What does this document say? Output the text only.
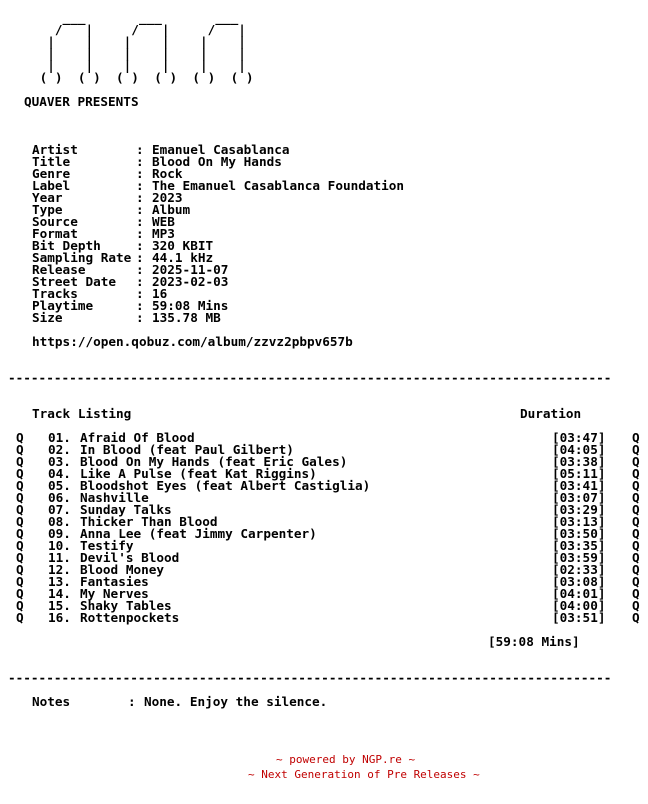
___       ___       ___
/   |     /   |     /   |
|    |    |    |    |    |
|    |    |    |    |    |
|    |    |    |    |    |
( )  ( )  ( )  ( )  ( )  ( )
QUAVER PRESENTS
Artist	: Emanuel Casablanca
Title	: Blood On My Hands
Genre	: Rock
Label	: The Emanuel Casablanca Foundation
Year	: 2023
Type	: Album
Source	: WEB
Format	: MP3
Bit Depth	: 320 KBIT
Sampling Rate : 44.1 kHz
Release	: 2025-11-07
Street Date : 2023-02-03
Tracks	: 16
Playtime	: 59:08 Mins
Size	: 135.78 MB
https://open.qobuz.com/album/zzvz2pbpv657b
-------------------------------------------------------------------------------
Track Listing	Duration
Q 01. Afraid Of Blood	[03:47] Q
Q 02. In Blood (feat Paul Gilbert)	[04:05] Q
Q 03. Blood On My Hands (feat Eric Gales)	[03:38] Q
Q 04. Like A Pulse (feat Kat Riggins)	[05:11] Q
Q 05. Bloodshot Eyes (feat Albert Castiglia)	[03:41] Q
Q 06. Nashville	[03:07] Q
Q 07. Sunday Talks	[03:29] Q
Q 08. Thicker Than Blood	[03:13] Q
Q 09. Anna Lee (feat Jimmy Carpenter)	[03:50] Q
Q 10. Testify	[03:35] Q
Q 11. Devil's Blood	[03:59] Q
Q 12. Blood Money	[02:33] Q
Q 13. Fantasies	[03:08] Q
Q 14. My Nerves	[04:01] Q
Q 15. Shaky Tables	[04:00] Q
Q 16. Rottenpockets	[03:51] Q
[59:08 Mins]
-------------------------------------------------------------------------------
Notes	: None. Enjoy the silence.
~ powered by NGP.re ~
~ Next Generation of Pre Releases ~
